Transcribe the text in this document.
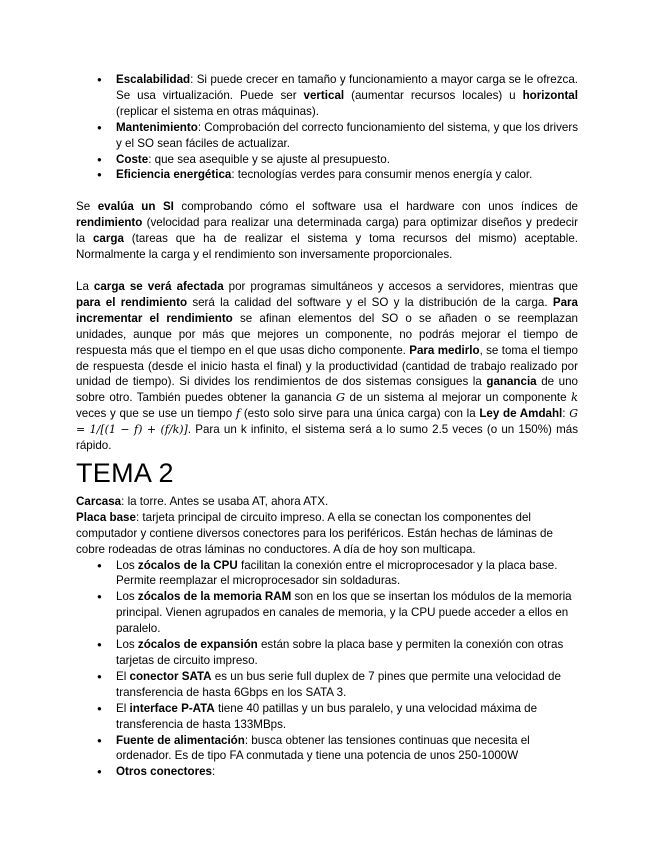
● Escalabilidad: Si puede crecer en tamaño y funcionamiento a mayor carga se le ofrezca. Se usa virtualización. Puede ser vertical (aumentar recursos locales) u horizontal (replicar el sistema en otras máquinas).
● Mantenimiento: Comprobación del correcto funcionamiento del sistema, y que los drivers y el SO sean fáciles de actualizar.
● Coste: que sea asequible y se ajuste al presupuesto.
● Eficiencia energética: tecnologías verdes para consumir menos energía y calor.

Se evalúa un SI comprobando cómo el software usa el hardware con unos índices de rendimiento (velocidad para realizar una determinada carga) para optimizar diseños y predecir la carga (tareas que ha de realizar el sistema y toma recursos del mismo) aceptable. Normalmente la carga y el rendimiento son inversamente proporcionales.

La carga se verá afectada por programas simultáneos y accesos a servidores, mientras que para el rendimiento será la calidad del software y el SO y la distribución de la carga. Para incrementar el rendimiento se afinan elementos del SO o se añaden o se reemplazan unidades, aunque por más que mejores un componente, no podrás mejorar el tiempo de respuesta más que el tiempo en el que usas dicho componente. Para medirlo, se toma el tiempo de respuesta (desde el inicio hasta el final) y la productividad (cantidad de trabajo realizado por unidad de tiempo). Si divides los rendimientos de dos sistemas consigues la ganancia de uno sobre otro. También puedes obtener la ganancia G de un sistema al mejorar un componente k veces y que se use un tiempo f (esto solo sirve para una única carga) con la Ley de Amdahl: G = 1/[(1 − f) + (f/k)]. Para un k infinito, el sistema será a lo sumo 2.5 veces (o un 150%) más rápido.

TEMA 2

Carcasa: la torre. Antes se usaba AT, ahora ATX.

Placa base: tarjeta principal de circuito impreso. A ella se conectan los componentes del computador y contiene diversos conectores para los periféricos. Están hechas de láminas de cobre rodeadas de otras láminas no conductores. A día de hoy son multicapa.

● Los zócalos de la CPU facilitan la conexión entre el microprocesador y la placa base. Permite reemplazar el microprocesador sin soldaduras.
● Los zócalos de la memoria RAM son en los que se insertan los módulos de la memoria principal. Vienen agrupados en canales de memoria, y la CPU puede acceder a ellos en paralelo.
● Los zócalos de expansión están sobre la placa base y permiten la conexión con otras tarjetas de circuito impreso.
● El conector SATA es un bus serie full duplex de 7 pines que permite una velocidad de transferencia de hasta 6Gbps en los SATA 3.
● El interface P-ATA tiene 40 patillas y un bus paralelo, y una velocidad máxima de transferencia de hasta 133MBps.
● Fuente de alimentación: busca obtener las tensiones continuas que necesita el ordenador. Es de tipo FA conmutada y tiene una potencia de unos 250-1000W
● Otros conectores:
